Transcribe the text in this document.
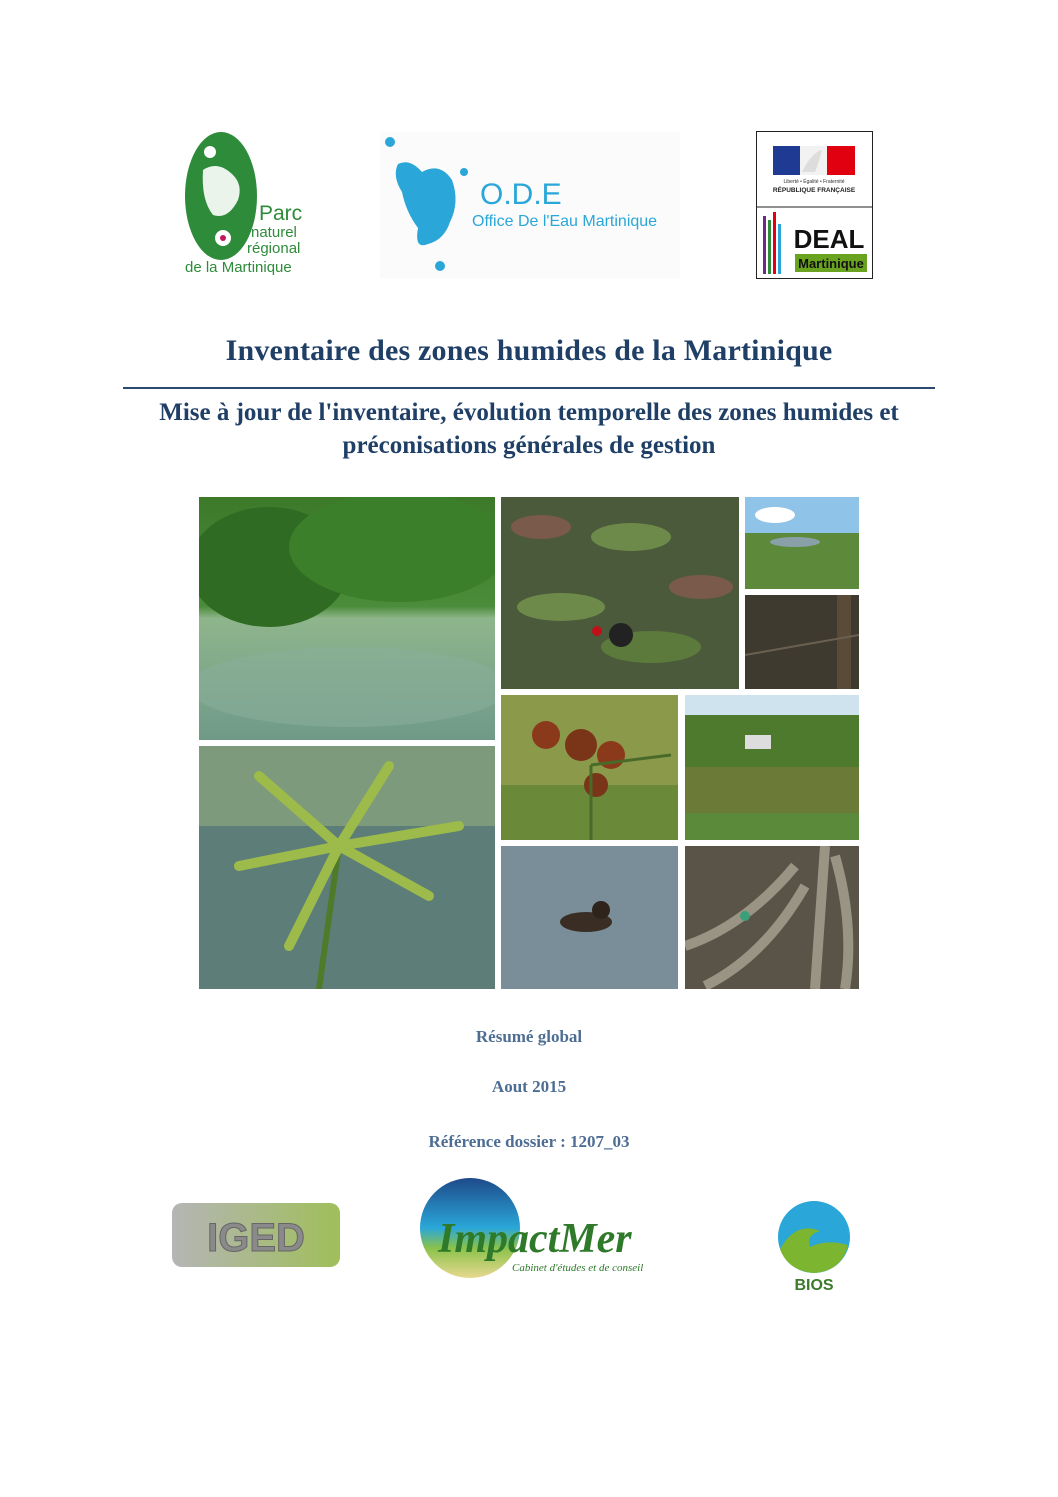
Parc
naturel
régional
de la Martinique
O.D.E
Office De l'Eau Martinique
Liberté • Égalité • Fraternité
RÉPUBLIQUE FRANÇAISE
DEAL
Martinique
Inventaire des zones humides de la Martinique
Mise à jour de l'inventaire, évolution temporelle des zones humides et préconisations générales de gestion
Résumé global
Aout 2015
Référence dossier : 1207_03
IGED	ImpactMer
Cabinet d'études et de conseil
BIOS
